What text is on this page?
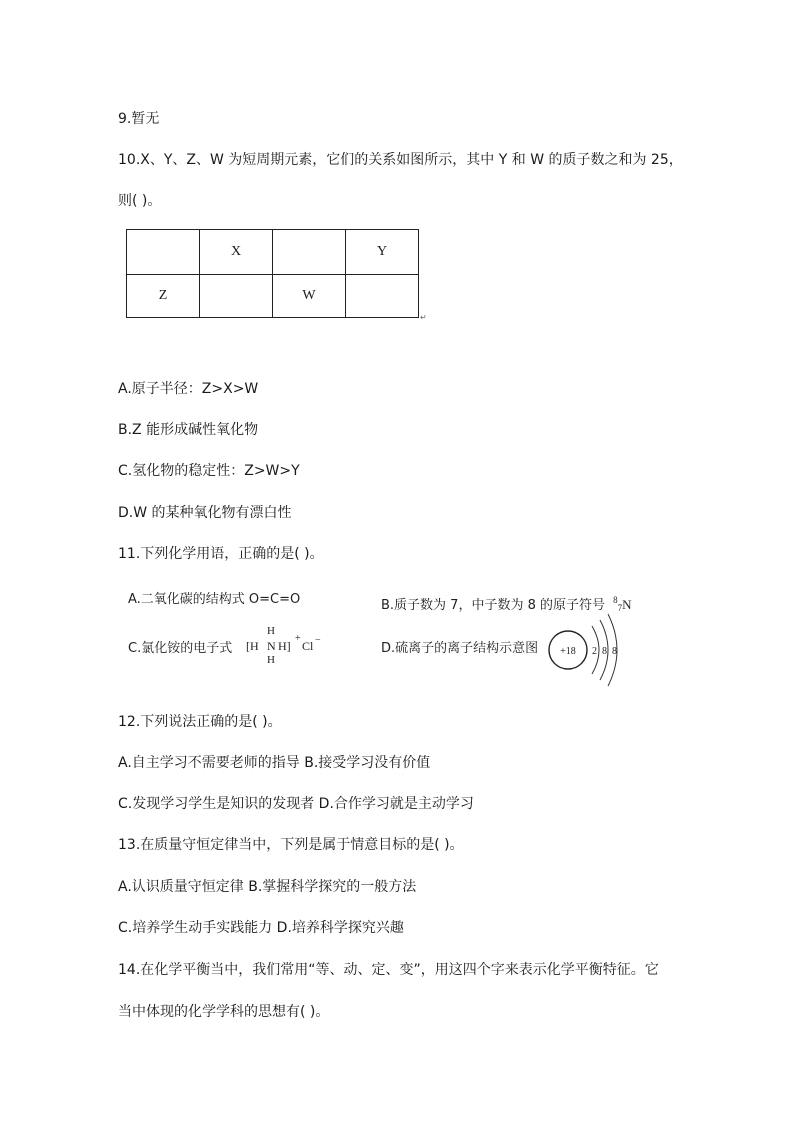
9.暂无
10.X、Y、Z、W 为短周期元素，它们的关系如图所示，其中 Y 和 W 的质子数之和为 25，
则( )。
	X		Y
Z		W	
↵
A.原子半径：Z>X>W
B.Z 能形成碱性氧化物
C.氢化物的稳定性：Z>W>Y
D.W 的某种氧化物有漂白性
11.下列化学用语，正确的是( )。
A.二氧化碳的结构式 O=C=O	B.质子数为 7，中子数为 8 的原子符号 $^8_7$N
C.氯化铵的电子式
H
[H N H]
+
Cl −
H
D.硫离子的离子结构示意图 +18 2 8 8
12.下列说法正确的是( )。
A.自主学习不需要老师的指导 B.接受学习没有价值
C.发现学习学生是知识的发现者 D.合作学习就是主动学习
13.在质量守恒定律当中，下列是属于情意目标的是( )。
A.认识质量守恒定律 B.掌握科学探究的一般方法
C.培养学生动手实践能力 D.培养科学探究兴趣
14.在化学平衡当中，我们常用“等、动、定、变”，用这四个字来表示化学平衡特征。它
当中体现的化学学科的思想有( )。
